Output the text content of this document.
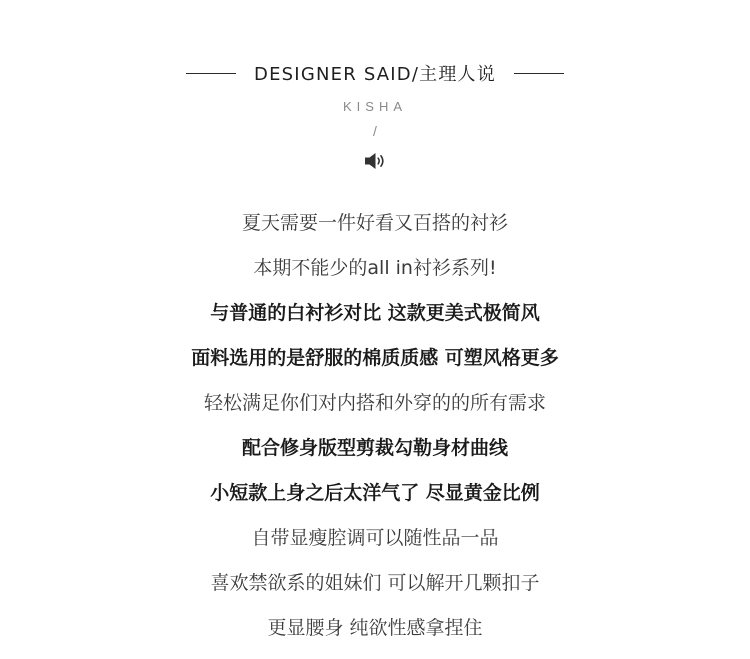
DESIGNER SAID/主理人说
KISHA
/
夏天需要一件好看又百搭的衬衫
本期不能少的all in衬衫系列!
与普通的白衬衫对比 这款更美式极简风
面料选用的是舒服的棉质质感 可塑风格更多
轻松满足你们对内搭和外穿的的所有需求
配合修身版型剪裁勾勒身材曲线
小短款上身之后太洋气了 尽显黄金比例
自带显瘦腔调可以随性品一品
喜欢禁欲系的姐妹们 可以解开几颗扣子
更显腰身 纯欲性感拿捏住
